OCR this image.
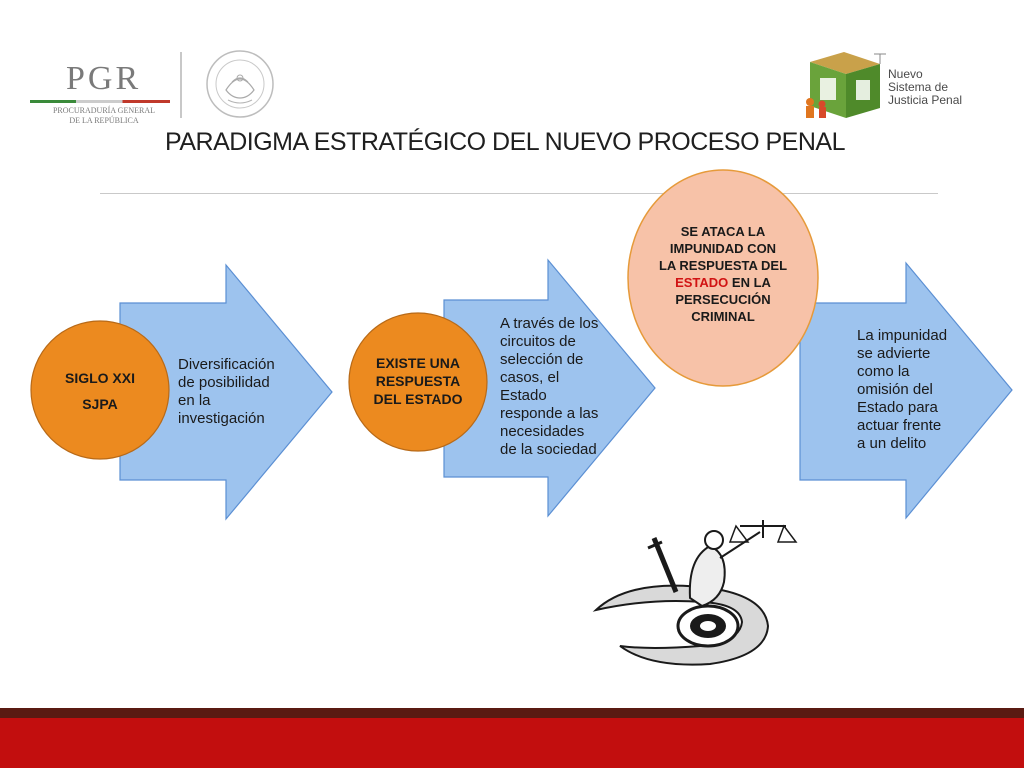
PGR
PROCURADURÍA GENERAL
DE LA REPÚBLICA
Nuevo
Sistema de
Justicia Penal
PARADIGMA ESTRATÉGICO DEL NUEVO PROCESO PENAL
SIGLO XXI
SJPA
Diversificación
de posibilidad
en la
investigación
EXISTE UNA
RESPUESTA
DEL ESTADO
A través de los
circuitos de
selección de
casos, el
Estado
responde a las
necesidades
de la sociedad
SE ATACA LA
IMPUNIDAD CON
LA RESPUESTA DEL
ESTADO EN LA
PERSECUCIÓN
CRIMINAL
La impunidad
se advierte
como la
omisión del
Estado para
actuar frente
a un delito
